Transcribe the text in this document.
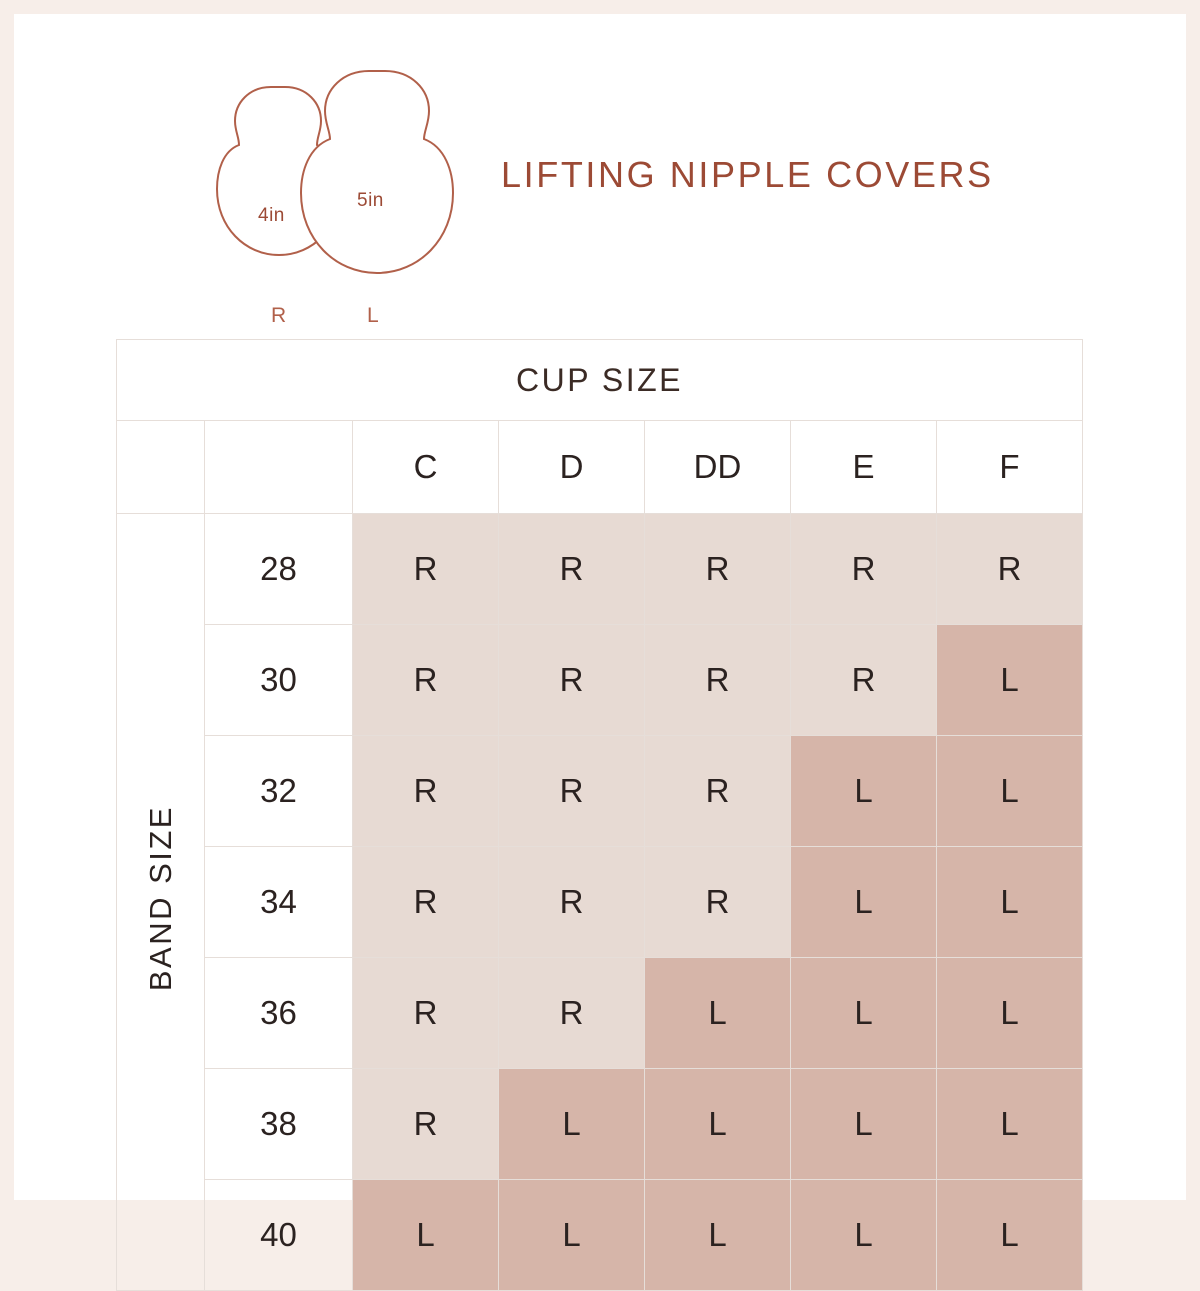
4in
5in
R	L
LIFTING NIPPLE COVERS
CUP SIZE						
		C	D	DD	E	F
BAND SIZE	28	R	R	R	R	R
	30	R	R	R	R	L
	32	R	R	R	L	L
	34	R	R	R	L	L
	36	R	R	L	L	L
	38	R	L	L	L	L
	40	L	L	L	L	L
